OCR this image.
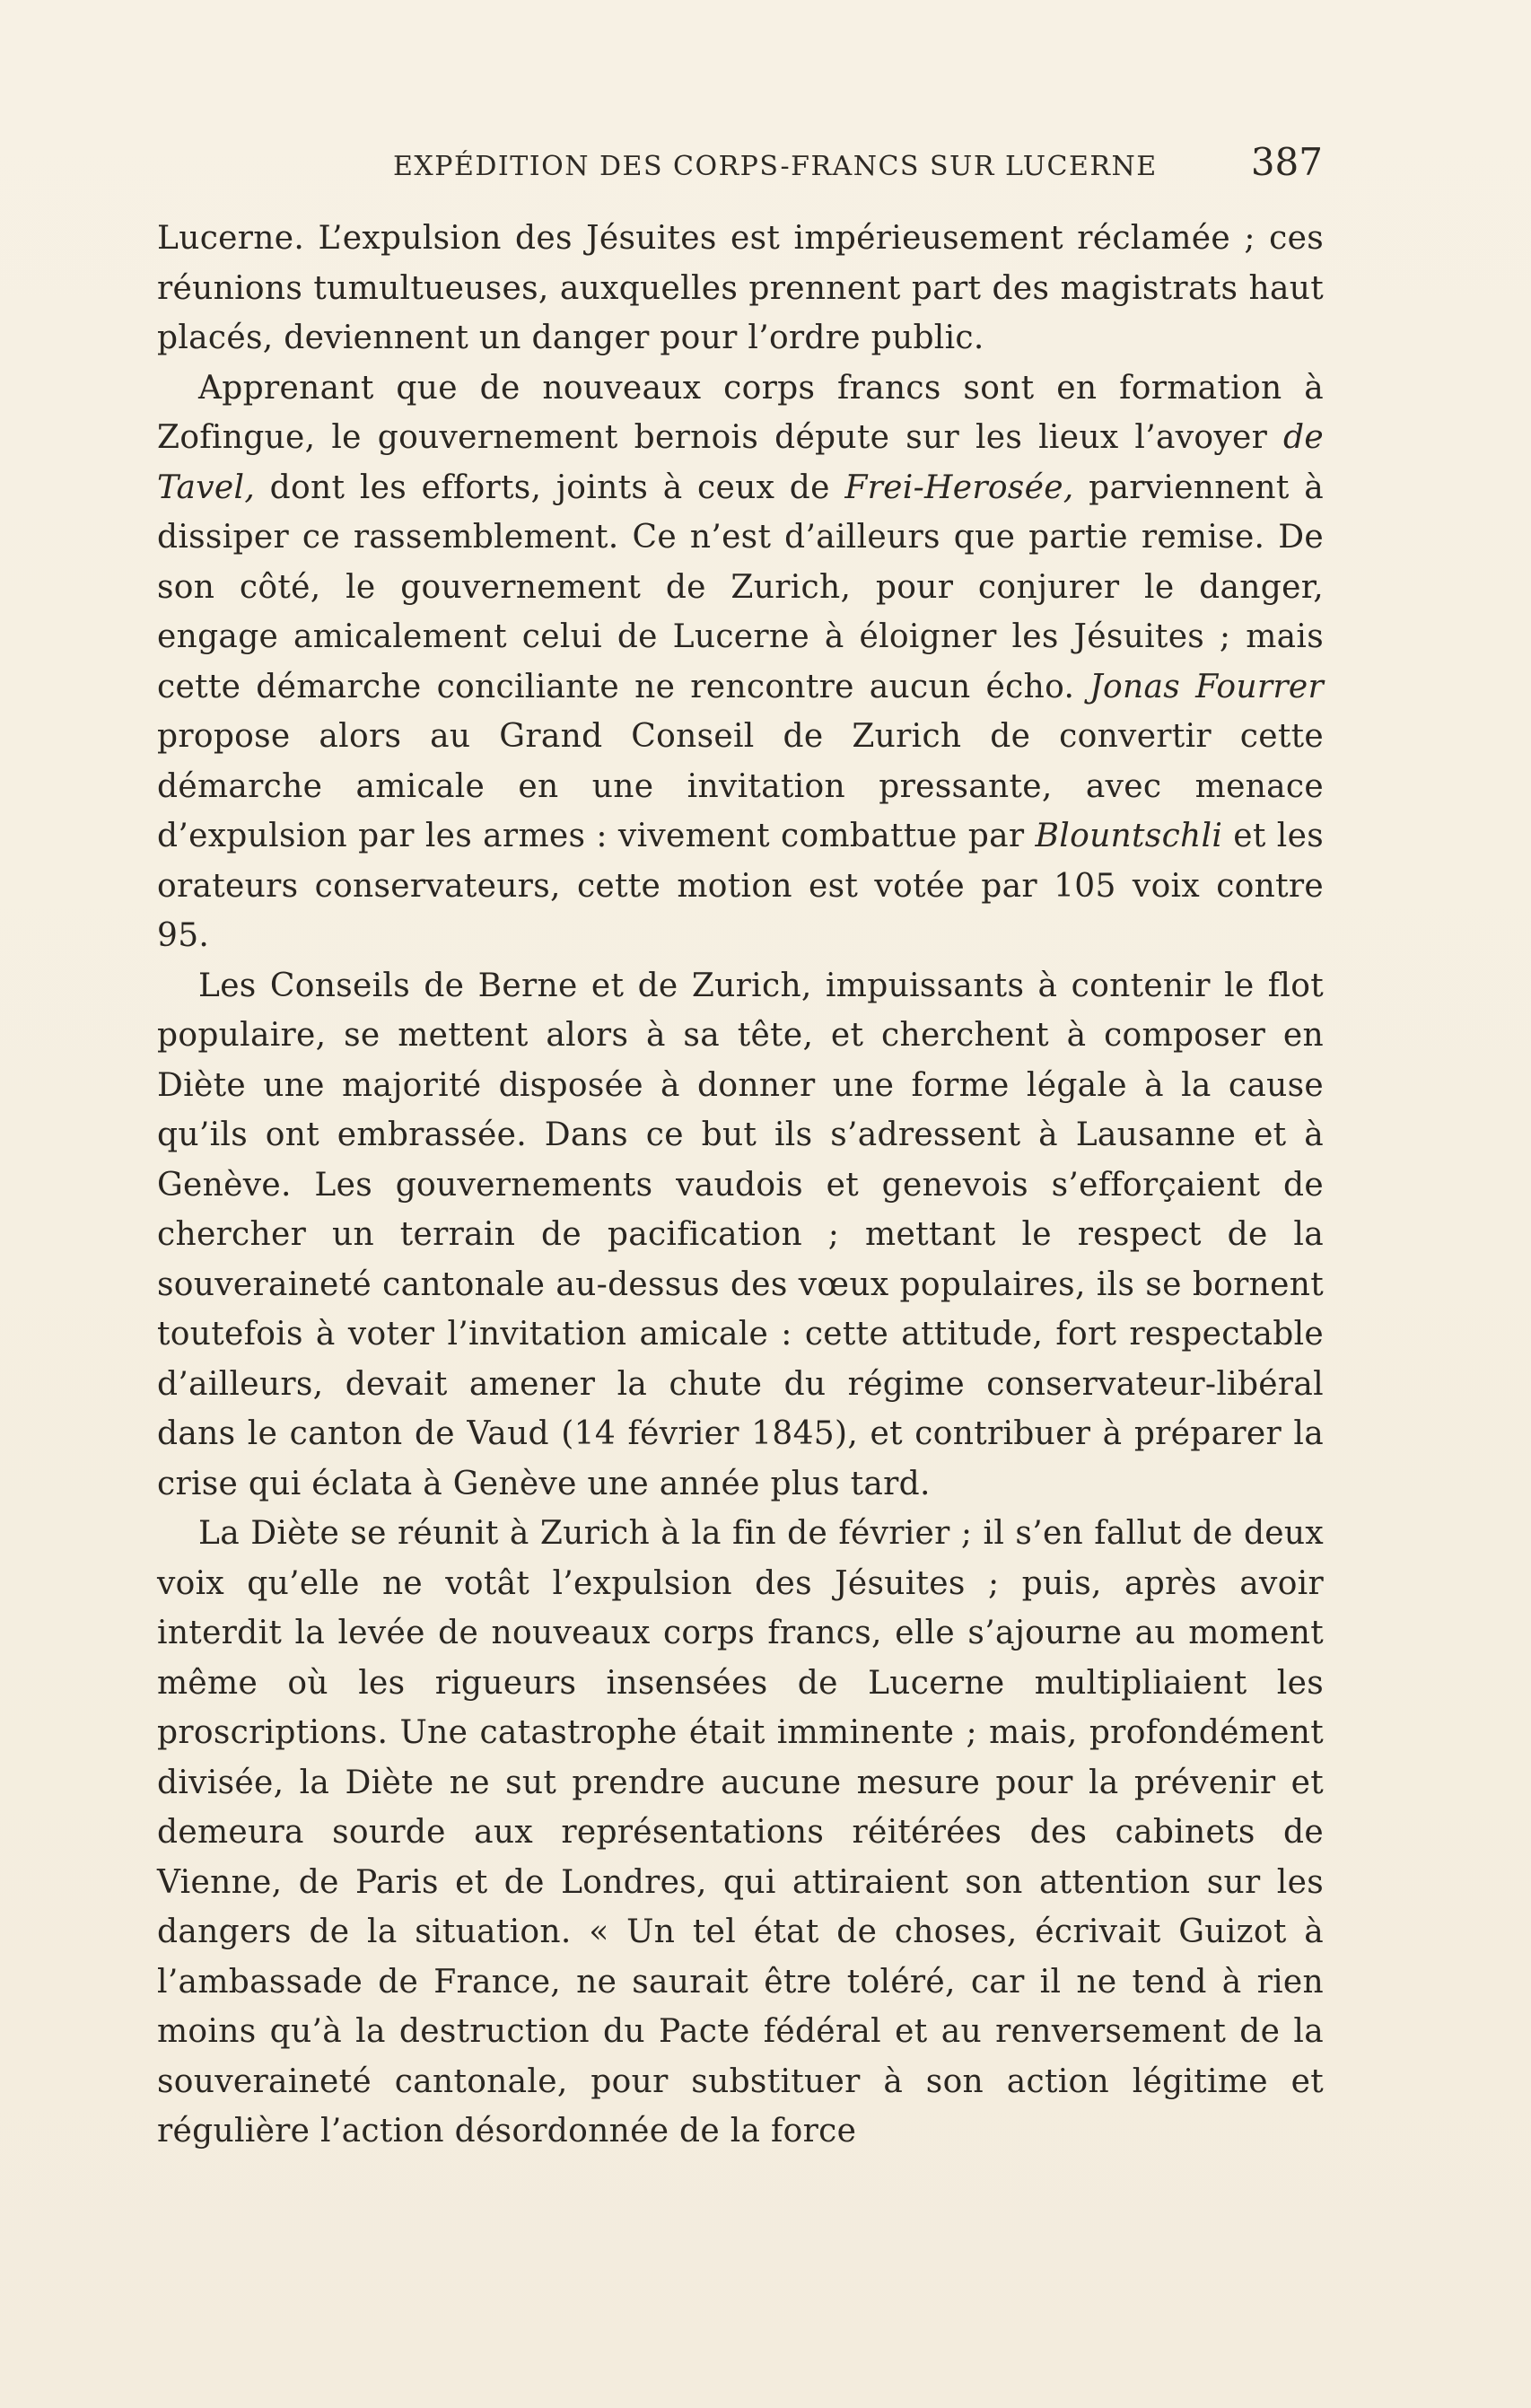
EXPÉDITION DES CORPS-FRANCS SUR LUCERNE 387

Lucerne. L’expulsion des Jésuites est impérieusement réclamée ; ces réunions tumultueuses, auxquelles prennent part des magistrats haut placés, deviennent un danger pour l’ordre public.

Apprenant que de nouveaux corps francs sont en formation à Zofingue, le gouvernement bernois députe sur les lieux l’avoyer de Tavel, dont les efforts, joints à ceux de Frei-Herosée, parviennent à dissiper ce rassemblement. Ce n’est d’ailleurs que partie remise. De son côté, le gouvernement de Zurich, pour conjurer le danger, engage amicalement celui de Lucerne à éloigner les Jésuites ; mais cette démarche conciliante ne rencontre aucun écho. Jonas Fourrer propose alors au Grand Conseil de Zurich de convertir cette démarche amicale en une invitation pressante, avec menace d’expulsion par les armes : vivement combattue par Blountschli et les orateurs conservateurs, cette motion est votée par 105 voix contre 95.

Les Conseils de Berne et de Zurich, impuissants à contenir le flot populaire, se mettent alors à sa tête, et cherchent à composer en Diète une majorité disposée à donner une forme légale à la cause qu’ils ont embrassée. Dans ce but ils s’adressent à Lausanne et à Genève. Les gouvernements vaudois et genevois s’efforçaient de chercher un terrain de pacification ; mettant le respect de la souveraineté cantonale au-dessus des vœux populaires, ils se bornent toutefois à voter l’invitation amicale : cette attitude, fort respectable d’ailleurs, devait amener la chute du régime conservateur-libéral dans le canton de Vaud (14 février 1845), et contribuer à préparer la crise qui éclata à Genève une année plus tard.

La Diète se réunit à Zurich à la fin de février ; il s’en fallut de deux voix qu’elle ne votât l’expulsion des Jésuites ; puis, après avoir interdit la levée de nouveaux corps francs, elle s’ajourne au moment même où les rigueurs insensées de Lucerne multipliaient les proscriptions. Une catastrophe était imminente ; mais, profondément divisée, la Diète ne sut prendre aucune mesure pour la prévenir et demeura sourde aux représentations réitérées des cabinets de Vienne, de Paris et de Londres, qui attiraient son attention sur les dangers de la situation. « Un tel état de choses, écrivait Guizot à l’ambassade de France, ne saurait être toléré, car il ne tend à rien moins qu’à la destruction du Pacte fédéral et au renversement de la souveraineté cantonale, pour substituer à son action légitime et régulière l’action désordonnée de la force
